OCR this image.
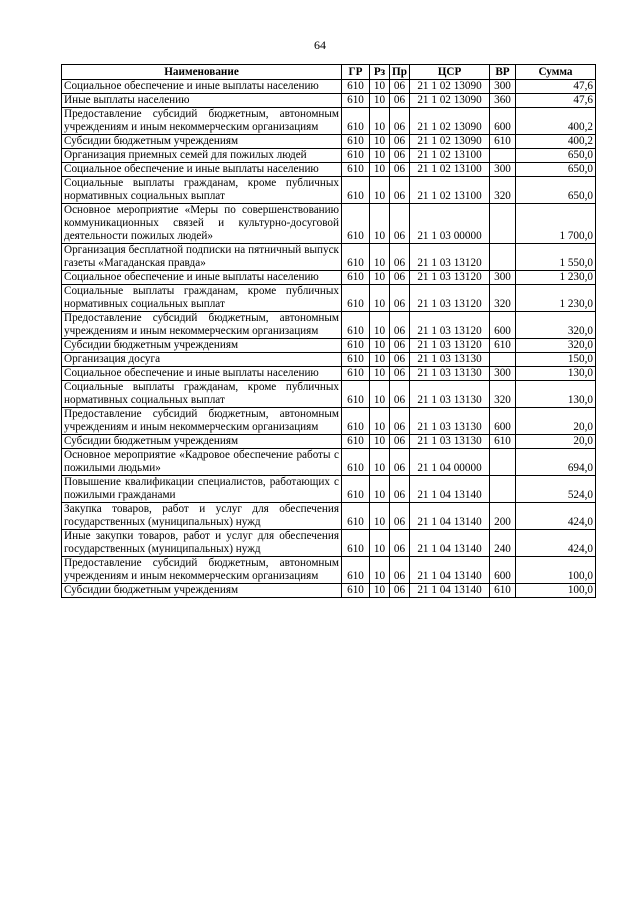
64
Наименование	ГР	Рз	Пр	ЦСР	ВР	Сумма
Социальное обеспечение и иные выплаты населению	610	10	06	21 1 02 13090	300	47,6
Иные выплаты населению	610	10	06	21 1 02 13090	360	47,6
Предоставление субсидий бюджетным, автономным учреждениям и иным некоммерческим организациям	610	10	06	21 1 02 13090	600	400,2
Субсидии бюджетным учреждениям	610	10	06	21 1 02 13090	610	400,2
Организация приемных семей для пожилых людей	610	10	06	21 1 02 13100		650,0
Социальное обеспечение и иные выплаты населению	610	10	06	21 1 02 13100	300	650,0
Социальные выплаты гражданам, кроме публичных нормативных социальных выплат	610	10	06	21 1 02 13100	320	650,0
Основное мероприятие «Меры по совершенствованию коммуникационных связей и культурно-досуговой деятельности пожилых людей»	610	10	06	21 1 03 00000		1 700,0
Организация бесплатной подписки на пятничный выпуск газеты «Магаданская правда»	610	10	06	21 1 03 13120		1 550,0
Социальное обеспечение и иные выплаты населению	610	10	06	21 1 03 13120	300	1 230,0
Социальные выплаты гражданам, кроме публичных нормативных социальных выплат	610	10	06	21 1 03 13120	320	1 230,0
Предоставление субсидий бюджетным, автономным учреждениям и иным некоммерческим организациям	610	10	06	21 1 03 13120	600	320,0
Субсидии бюджетным учреждениям	610	10	06	21 1 03 13120	610	320,0
Организация досуга	610	10	06	21 1 03 13130		150,0
Социальное обеспечение и иные выплаты населению	610	10	06	21 1 03 13130	300	130,0
Социальные выплаты гражданам, кроме публичных нормативных социальных выплат	610	10	06	21 1 03 13130	320	130,0
Предоставление субсидий бюджетным, автономным учреждениям и иным некоммерческим организациям	610	10	06	21 1 03 13130	600	20,0
Субсидии бюджетным учреждениям	610	10	06	21 1 03 13130	610	20,0
Основное мероприятие «Кадровое обеспечение работы с пожилыми людьми»	610	10	06	21 1 04 00000		694,0
Повышение квалификации специалистов, работающих с пожилыми гражданами	610	10	06	21 1 04 13140		524,0
Закупка товаров, работ и услуг для обеспечения государственных (муниципальных) нужд	610	10	06	21 1 04 13140	200	424,0
Иные закупки товаров, работ и услуг для обеспечения государственных (муниципальных) нужд	610	10	06	21 1 04 13140	240	424,0
Предоставление субсидий бюджетным, автономным учреждениям и иным некоммерческим организациям	610	10	06	21 1 04 13140	600	100,0
Субсидии бюджетным учреждениям	610	10	06	21 1 04 13140	610	100,0
